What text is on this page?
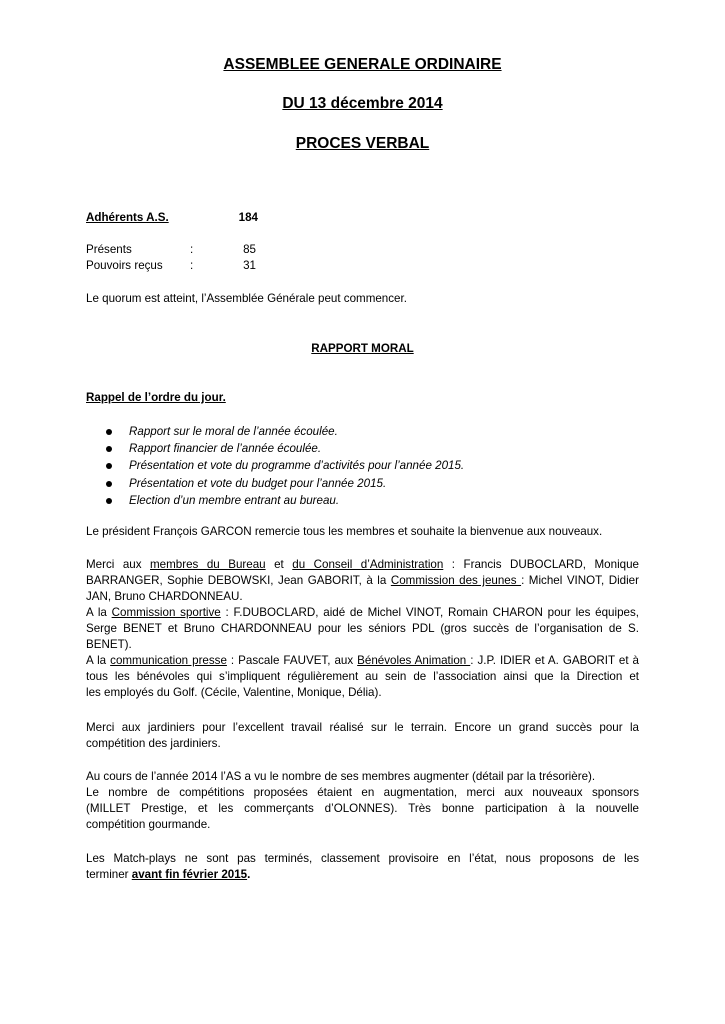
ASSEMBLEE GENERALE ORDINAIRE
DU 13 décembre 2014
PROCES VERBAL
Adhérents A.S.	184
Présents	:	85
Pouvoirs reçus :	31
Le quorum est atteint, l’Assemblée Générale peut commencer.
RAPPORT MORAL
Rappel de l’ordre du jour.
Rapport sur le moral de l’année écoulée.
Rapport financier de l’année écoulée.
Présentation et vote du programme d’activités pour l’année 2015.
Présentation et vote du budget pour l’année 2015.
Election d’un membre entrant au bureau.
Le président François GARCON remercie tous les membres et souhaite la bienvenue aux nouveaux.
Merci aux membres du Bureau et du Conseil d’Administration : Francis DUBOCLARD, Monique
BARRANGER, Sophie DEBOWSKI, Jean GABORIT, à la Commission des jeunes : Michel VINOT, Didier
JAN, Bruno CHARDONNEAU.
A la Commission sportive : F.DUBOCLARD, aidé de Michel VINOT, Romain CHARON pour les équipes,
Serge BENET et Bruno CHARDONNEAU pour les séniors PDL (gros succès de l’organisation de S.
BENET).
A la communication presse : Pascale FAUVET, aux Bénévoles Animation : J.P. IDIER et A. GABORIT et à
tous les bénévoles qui s’impliquent régulièrement au sein de l’association ainsi que la Direction et
les employés du Golf. (Cécile, Valentine, Monique, Délia).
Merci aux jardiniers pour l’excellent travail réalisé sur le terrain. Encore un grand succès pour la
compétition des jardiniers.
Au cours de l’année 2014 l’AS a vu le nombre de ses membres augmenter (détail par la trésorière).
Le nombre de compétitions proposées étaient en augmentation, merci aux nouveaux sponsors
(MILLET Prestige, et les commerçants d’OLONNES). Très bonne participation à la nouvelle
compétition gourmande.
Les Match-plays ne sont pas terminés, classement provisoire en l’état, nous proposons de les
terminer avant fin février 2015.
